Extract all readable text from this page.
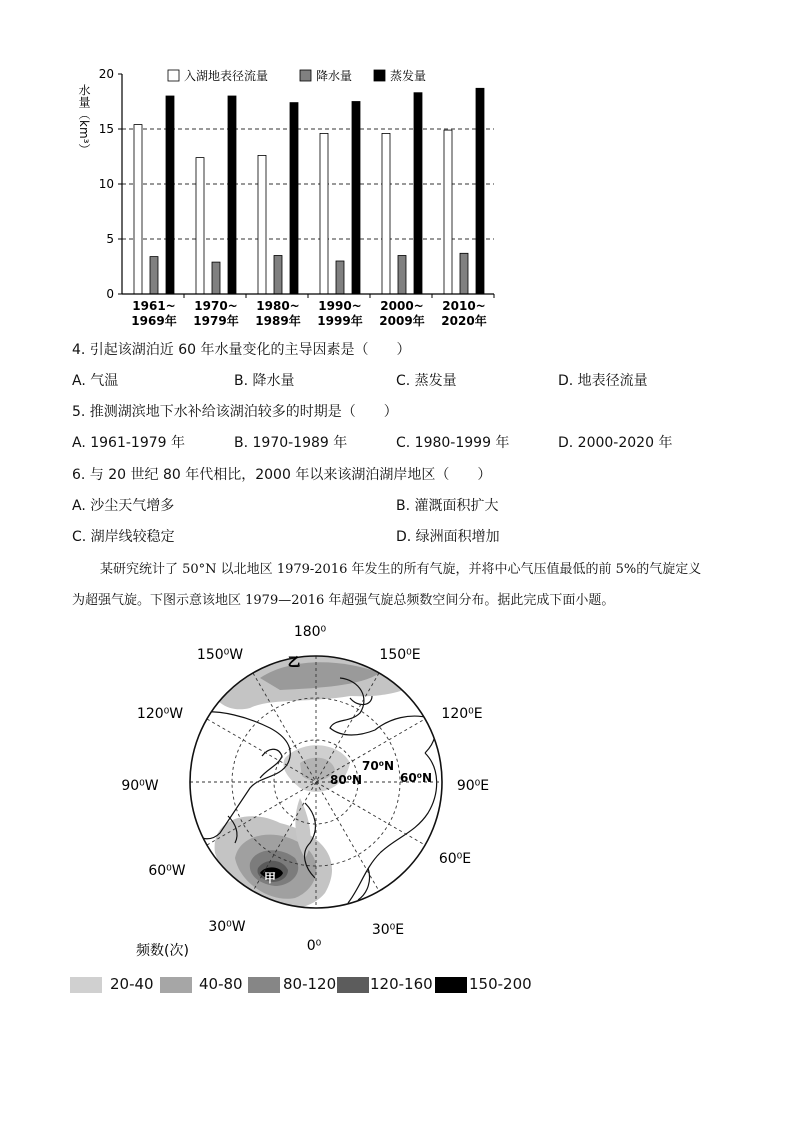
0
5
10
15
20
水量（km³）
1961~
1969年
1970~
1979年
1980~
1989年
1990~
1999年
2000~
2009年
2010~
2020年
入湖地表径流量	降水量	蒸发量
4. 引起该湖泊近 60 年水量变化的主导因素是（　　）
A. 气温	B. 降水量	C. 蒸发量	D. 地表径流量
5. 推测湖滨地下水补给该湖泊较多的时期是（　　）
A. 1961-1979 年	B. 1970-1989 年	C. 1980-1999 年	D. 2000-2020 年
6. 与 20 世纪 80 年代相比，2000 年以来该湖泊湖岸地区（　　）
A. 沙尘天气增多	B. 灌溉面积扩大
C. 湖岸线较稳定	D. 绿洲面积增加
某研究统计了 50°N 以北地区 1979-2016 年发生的所有气旋，并将中心气压值最低的前 5%的气旋定义
为超强气旋。下图示意该地区 1979—2016 年超强气旋总频数空间分布。据此完成下面小题。
乙
甲
80⁰N
70⁰N
60⁰N
180⁰
150⁰W	150⁰E
120⁰W	120⁰E
90⁰W	90⁰E
60⁰W
60⁰E
30⁰W	30⁰E
0⁰
频数(次)
20-40	40-80	80-120 120-160 150-200
